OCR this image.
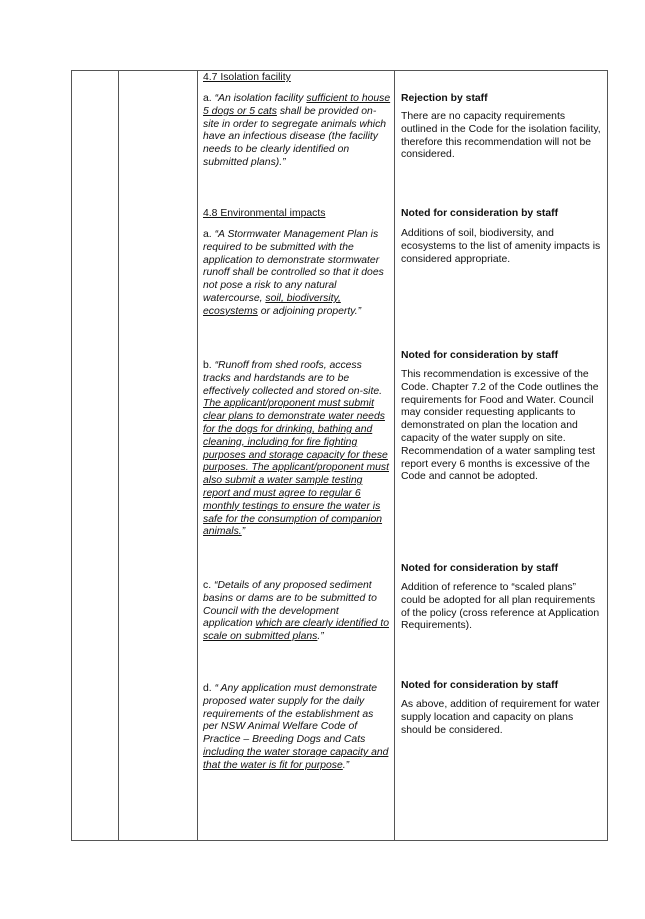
4.7 Isolation facility

a. “An isolation facility sufficient to house 5 dogs or 5 cats shall be provided on-site in order to segregate animals which have an infectious disease (the facility needs to be clearly identified on submitted plans).”

Rejection by staff

There are no capacity requirements outlined in the Code for the isolation facility, therefore this recommendation will not be considered.

4.8 Environmental impacts

a. “A Stormwater Management Plan is required to be submitted with the application to demonstrate stormwater runoff shall be controlled so that it does not pose a risk to any natural watercourse, soil, biodiversity, ecosystems or adjoining property.”

Noted for consideration by staff

Additions of soil, biodiversity, and ecosystems to the list of amenity impacts is considered appropriate.

b. “Runoff from shed roofs, access tracks and hardstands are to be effectively collected and stored on-site. The applicant/proponent must submit clear plans to demonstrate water needs for the dogs for drinking, bathing and cleaning, including for fire fighting purposes and storage capacity for these purposes. The applicant/proponent must also submit a water sample testing report and must agree to regular 6 monthly testings to ensure the water is safe for the consumption of companion animals.”

Noted for consideration by staff

This recommendation is excessive of the Code. Chapter 7.2 of the Code outlines the requirements for Food and Water. Council may consider requesting applicants to demonstrated on plan the location and capacity of the water supply on site. Recommendation of a water sampling test report every 6 months is excessive of the Code and cannot be adopted.

c. “Details of any proposed sediment basins or dams are to be submitted to Council with the development application which are clearly identified to scale on submitted plans.”

Noted for consideration by staff

Addition of reference to “scaled plans” could be adopted for all plan requirements of the policy (cross reference at Application Requirements).

d. “ Any application must demonstrate proposed water supply for the daily requirements of the establishment as per NSW Animal Welfare Code of Practice – Breeding Dogs and Cats including the water storage capacity and that the water is fit for purpose.”

Noted for consideration by staff

As above, addition of requirement for water supply location and capacity on plans should be considered.
